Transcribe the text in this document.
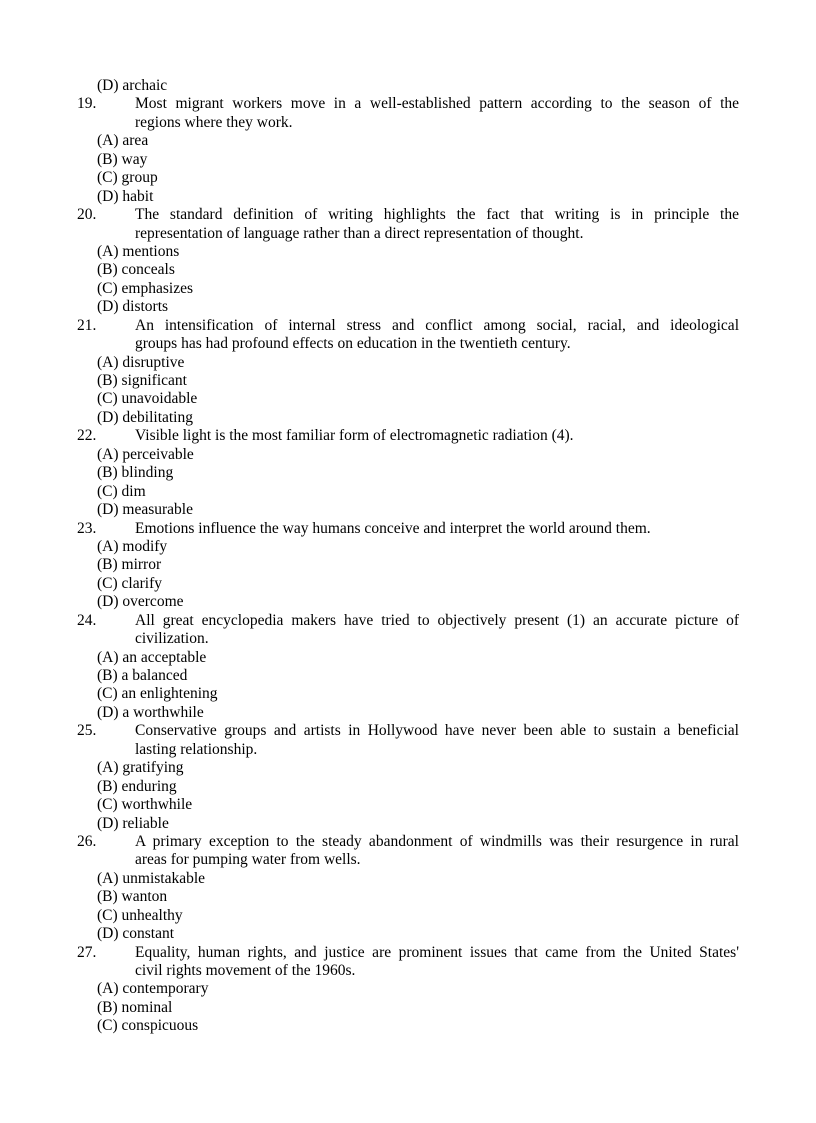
(D) archaic
19. Most migrant workers move in a well-established pattern according to the season of the
regions where they work.
(A) area
(B) way
(C) group
(D) habit
20. The standard definition of writing highlights the fact that writing is in principle the
representation of language rather than a direct representation of thought.
(A) mentions
(B) conceals
(C) emphasizes
(D) distorts
21. An intensification of internal stress and conflict among social, racial, and ideological
groups has had profound effects on education in the twentieth century.
(A) disruptive
(B) significant
(C) unavoidable
(D) debilitating
22. Visible light is the most familiar form of electromagnetic radiation (4).
(A) perceivable
(B) blinding
(C) dim
(D) measurable
23. Emotions influence the way humans conceive and interpret the world around them.
(A) modify
(B) mirror
(C) clarify
(D) overcome
24. All great encyclopedia makers have tried to objectively present (1) an accurate picture of
civilization.
(A) an acceptable
(B) a balanced
(C) an enlightening
(D) a worthwhile
25. Conservative groups and artists in Hollywood have never been able to sustain a beneficial
lasting relationship.
(A) gratifying
(B) enduring
(C) worthwhile
(D) reliable
26. A primary exception to the steady abandonment of windmills was their resurgence in rural
areas for pumping water from wells.
(A) unmistakable
(B) wanton
(C) unhealthy
(D) constant
27. Equality, human rights, and justice are prominent issues that came from the United States'
civil rights movement of the 1960s.
(A) contemporary
(B) nominal
(C) conspicuous
